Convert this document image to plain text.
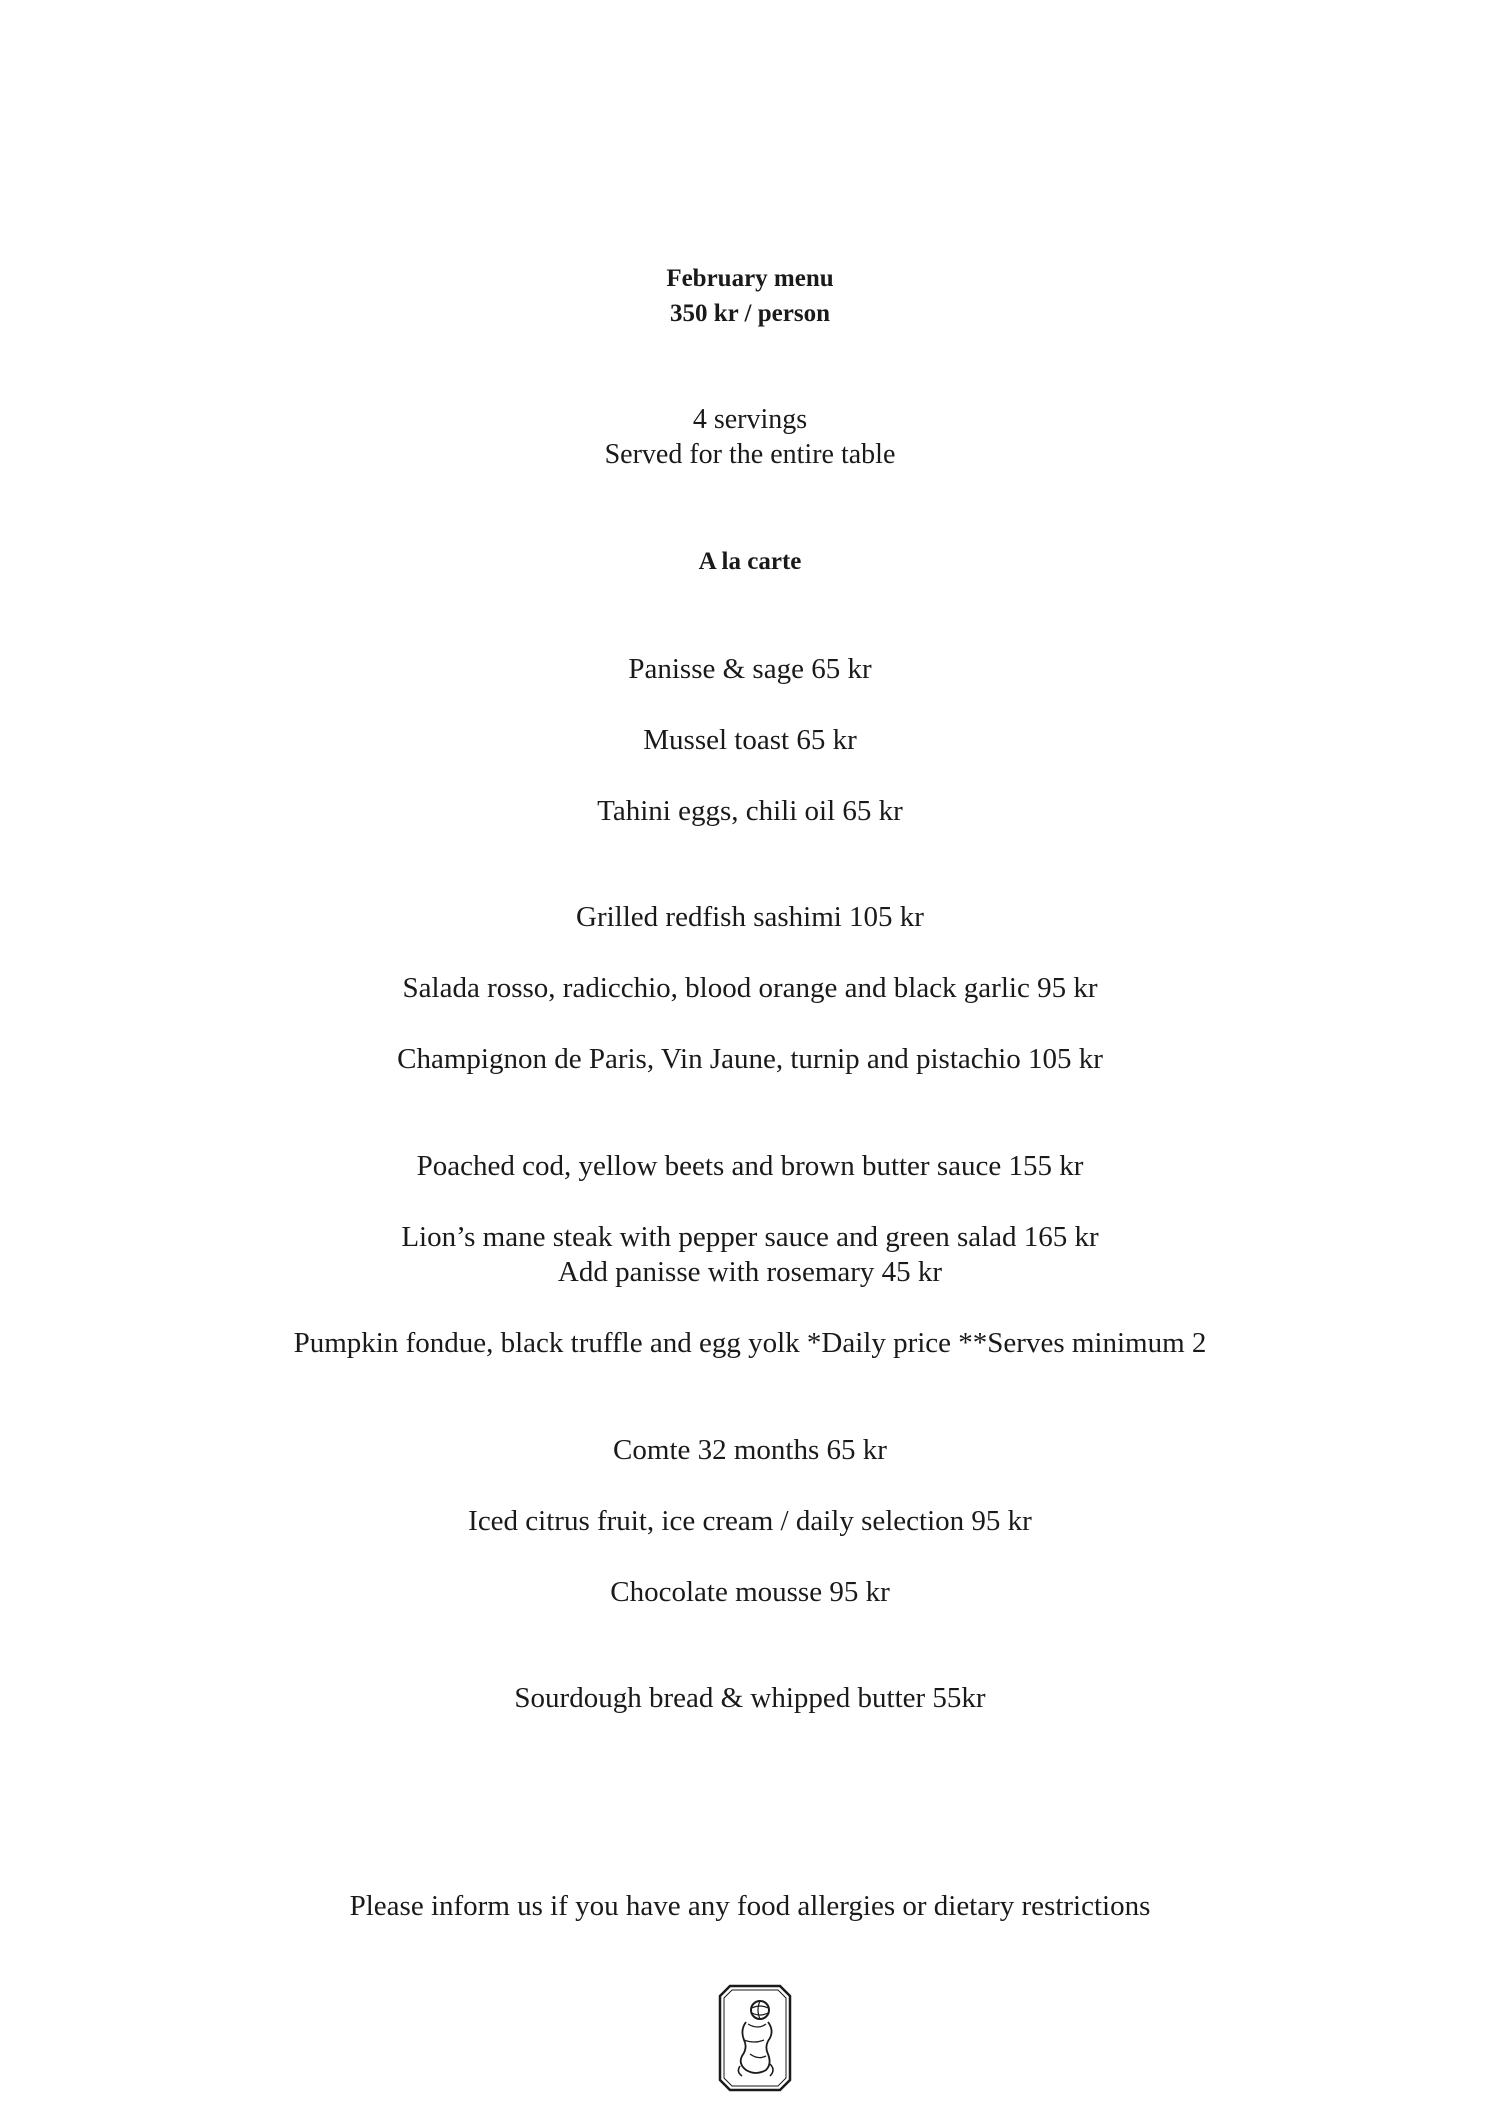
February menu
350 kr / person
4 servings
Served for the entire table
A la carte
Panisse & sage 65 kr
Mussel toast 65 kr
Tahini eggs, chili oil 65 kr
Grilled redfish sashimi 105 kr
Salada rosso, radicchio, blood orange and black garlic 95 kr
Champignon de Paris, Vin Jaune, turnip and pistachio 105 kr
Poached cod, yellow beets and brown butter sauce 155 kr
Lion’s mane steak with pepper sauce and green salad 165 kr
Add panisse with rosemary 45 kr
Pumpkin fondue, black truffle and egg yolk *Daily price **Serves minimum 2
Comte 32 months 65 kr
Iced citrus fruit, ice cream / daily selection 95 kr
Chocolate mousse 95 kr
Sourdough bread & whipped butter 55kr
Please inform us if you have any food allergies or dietary restrictions
